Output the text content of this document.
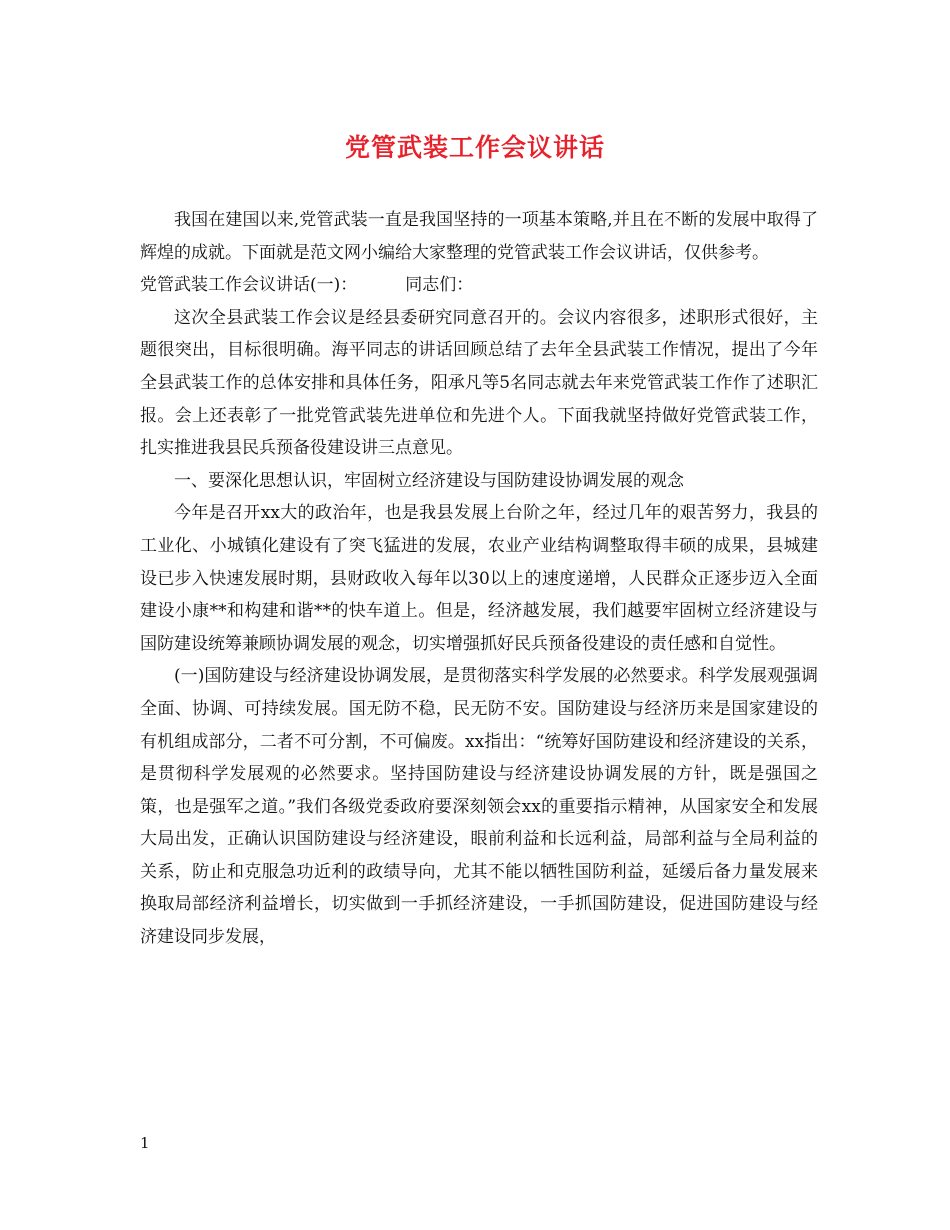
党管武装工作会议讲话

我国在建国以来,党管武装一直是我国坚持的一项基本策略,并且在不断的发展中取得了辉煌的成就。下面就是范文网小编给大家整理的党管武装工作会议讲话，仅供参考。

党管武装工作会议讲话(一)：	同志们：

这次全县武装工作会议是经县委研究同意召开的。会议内容很多，述职形式很好，主题很突出，目标很明确。海平同志的讲话回顾总结了去年全县武装工作情况，提出了今年全县武装工作的总体安排和具体任务，阳承凡等5名同志就去年来党管武装工作作了述职汇报。会上还表彰了一批党管武装先进单位和先进个人。下面我就坚持做好党管武装工作，扎实推进我县民兵预备役建设讲三点意见。

一、要深化思想认识，牢固树立经济建设与国防建设协调发展的观念

今年是召开xx大的政治年，也是我县发展上台阶之年，经过几年的艰苦努力，我县的工业化、小城镇化建设有了突飞猛进的发展，农业产业结构调整取得丰硕的成果，县城建设已步入快速发展时期，县财政收入每年以30以上的速度递增，人民群众正逐步迈入全面建设小康**和构建和谐**的快车道上。但是，经济越发展，我们越要牢固树立经济建设与国防建设统筹兼顾协调发展的观念，切实增强抓好民兵预备役建设的责任感和自觉性。

(一)国防建设与经济建设协调发展，是贯彻落实科学发展的必然要求。科学发展观强调全面、协调、可持续发展。国无防不稳，民无防不安。国防建设与经济历来是国家建设的有机组成部分，二者不可分割，不可偏废。xx指出：“统筹好国防建设和经济建设的关系，是贯彻科学发展观的必然要求。坚持国防建设与经济建设协调发展的方针，既是强国之策，也是强军之道。”我们各级党委政府要深刻领会xx的重要指示精神，从国家安全和发展大局出发，正确认识国防建设与经济建设，眼前利益和长远利益，局部利益与全局利益的关系，防止和克服急功近利的政绩导向，尤其不能以牺牲国防利益，延缓后备力量发展来换取局部经济利益增长，切实做到一手抓经济建设，一手抓国防建设，促进国防建设与经济建设同步发展，

1
